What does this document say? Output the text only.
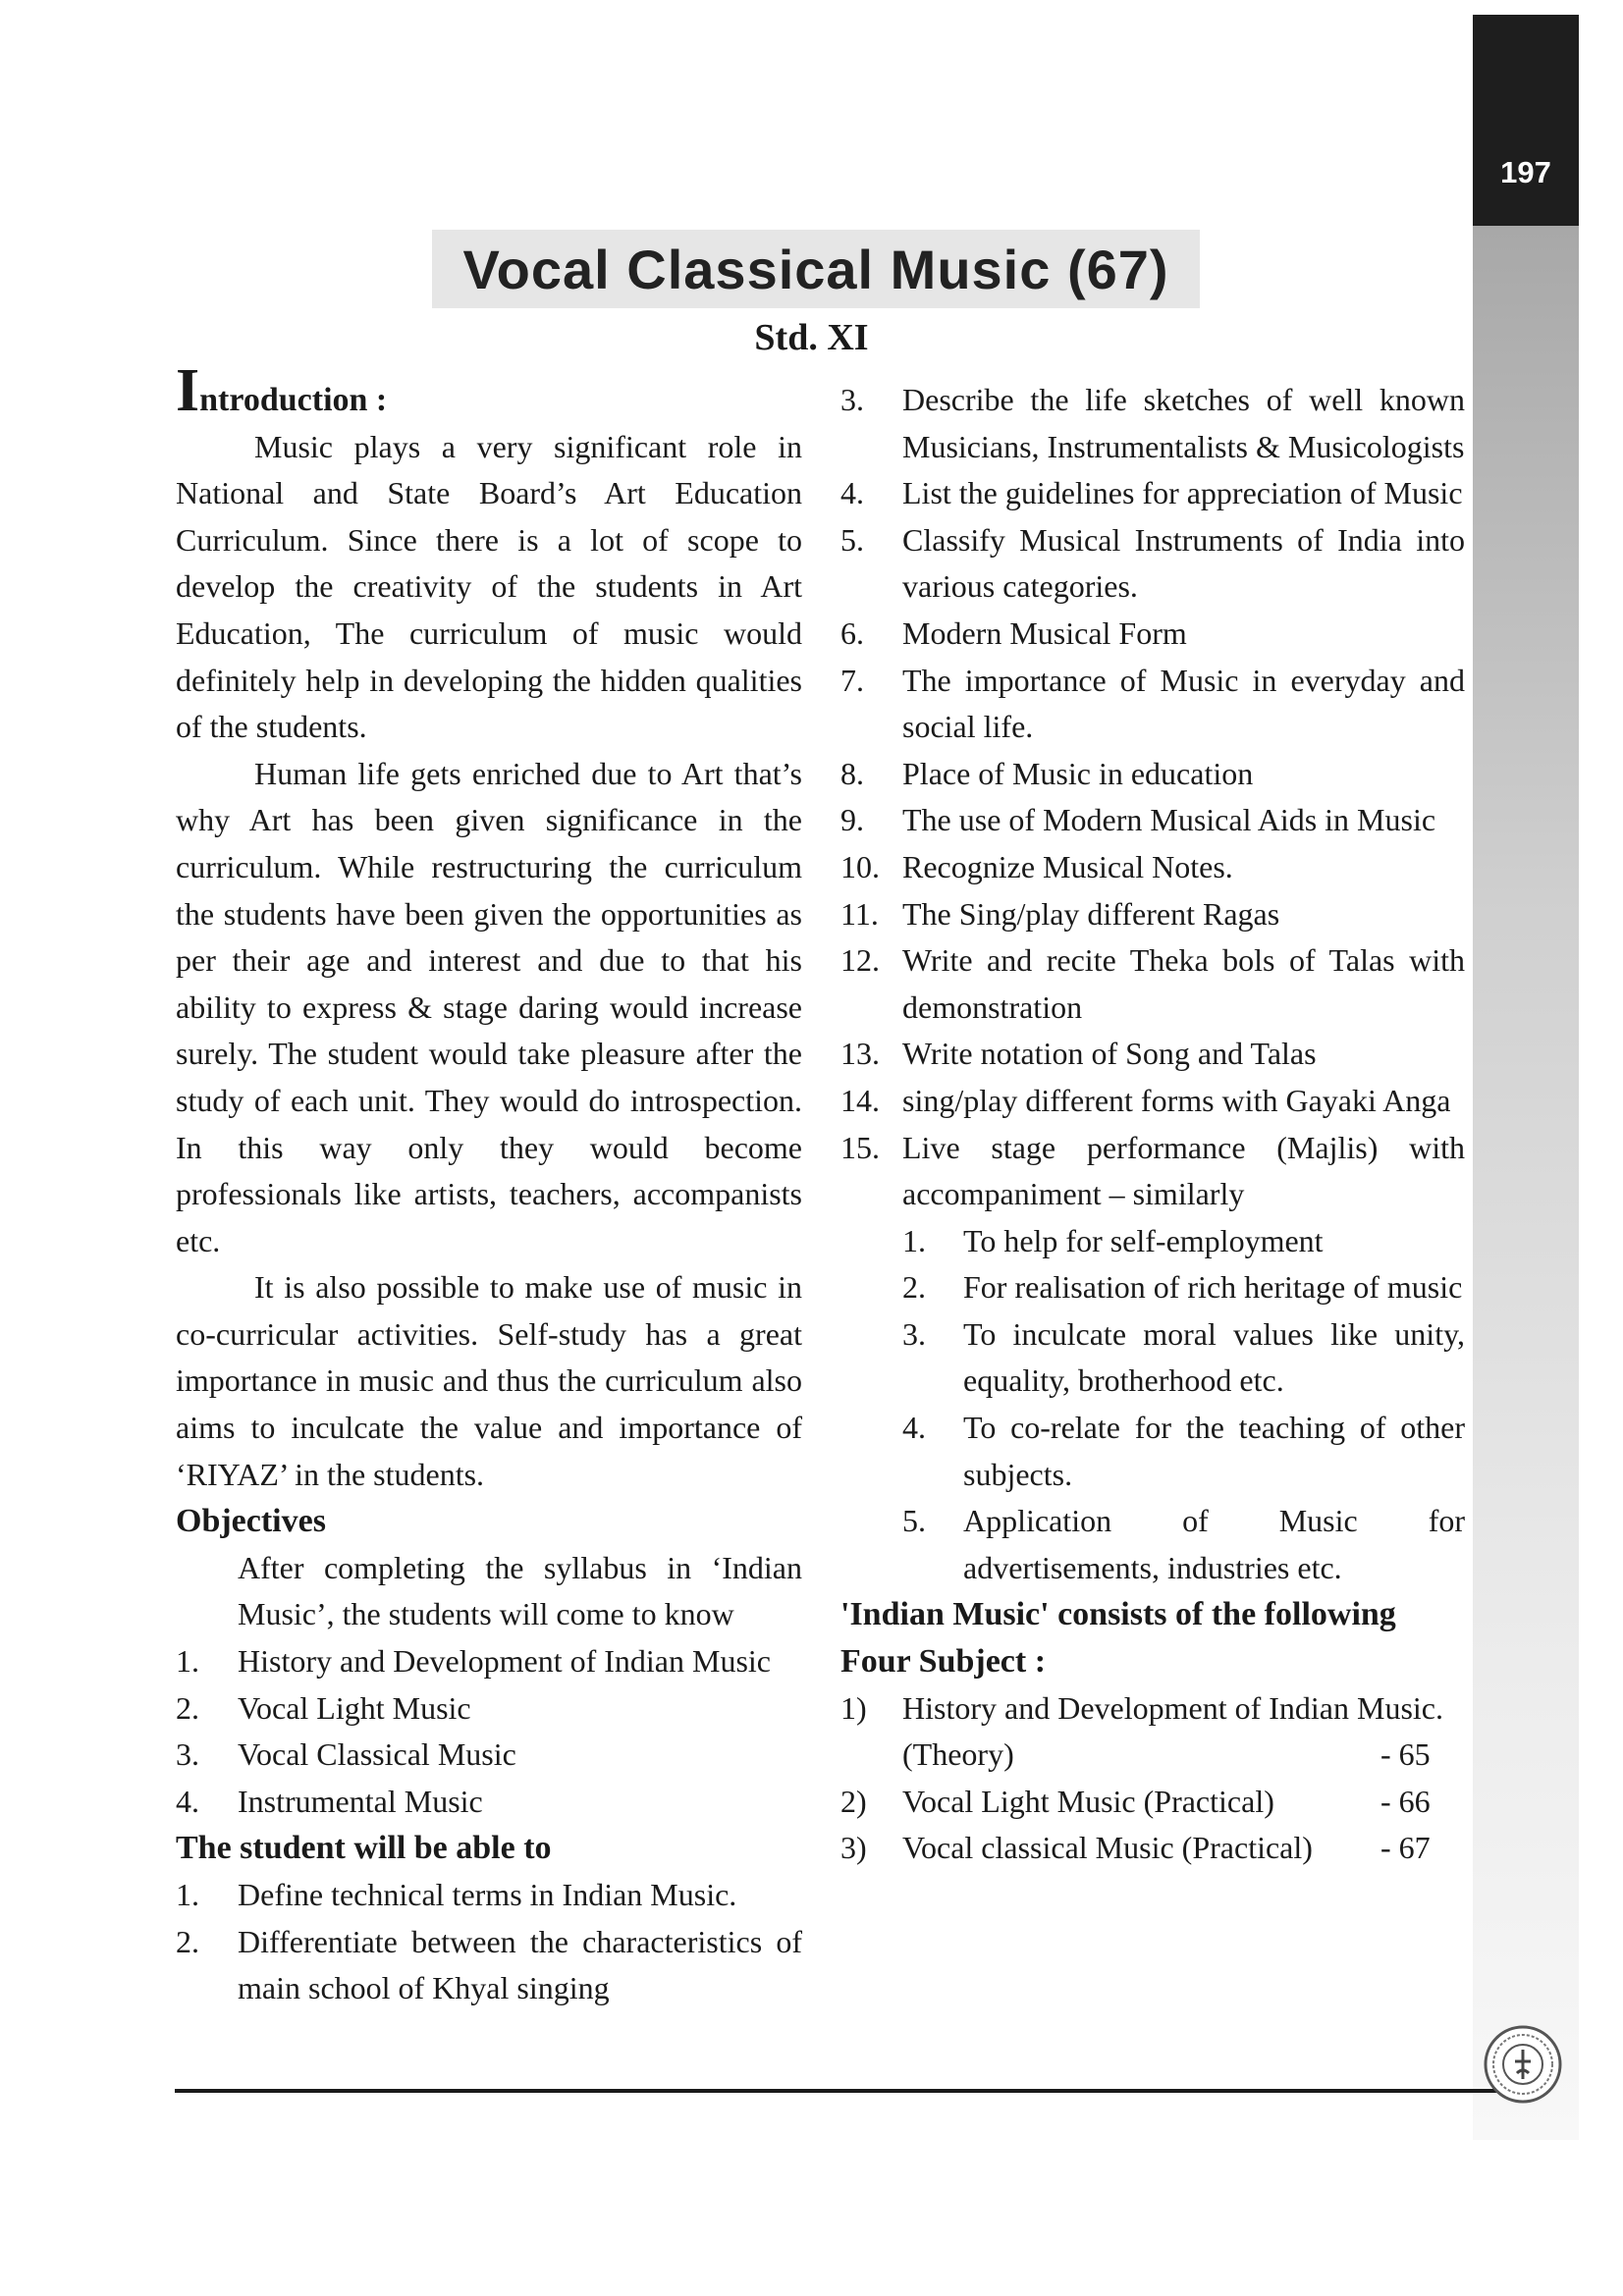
197
Vocal Classical Music (67)
Std. XI
Introduction :

Music plays a very significant role in National and State Board’s Art Education Curriculum. Since there is a lot of scope to develop the creativity of the students in Art Education, The curriculum of music would definitely help in developing the hidden qualities of the students.

Human life gets enriched due to Art that’s why Art has been given significance in the curriculum. While restructuring the curriculum the students have been given the opportunities as per their age and interest and due to that his ability to express & stage daring would increase surely. The student would take pleasure after the study of each unit. They would do introspection. In this way only they would become professionals like artists, teachers, accompanists etc.

It is also possible to make use of music in co-curricular activities. Self-study has a great importance in music and thus the curriculum also aims to inculcate the value and importance of ‘RIYAZ’ in the students.

Objectives
After completing the syllabus in ‘Indian Music’, the students will come to know
1.	History and Development of Indian Music
2.	Vocal Light Music
3.	Vocal Classical Music
4.	Instrumental Music
The student will be able to
1.	Define technical terms in Indian Music.
2.	Differentiate between the characteristics of main school of Khyal singing
3.	Describe the life sketches of well known Musicians, Instrumentalists & Musicologists
4.	List the guidelines for appreciation of Music
5.	Classify Musical Instruments of India into various categories.
6.	Modern Musical Form
7.	The importance of Music in everyday and social life.
8.	Place of Music in education
9.	The use of Modern Musical Aids in Music
10. Recognize Musical Notes.
11. The Sing/play different Ragas
12. Write and recite Theka bols of Talas with demonstration
13. Write notation of Song and Talas
14. sing/play different forms with Gayaki Anga
15. Live stage performance (Majlis) with accompaniment – similarly
1.	To help for self-employment
2.	For realisation of rich heritage of music
3.	To inculcate moral values like unity, equality, brotherhood etc.
4.	To co-relate for the teaching of other subjects.
5.	Application of Music for advertisements, industries etc.
'Indian Music' consists of the following Four Subject :
1)	History and Development of Indian Music.
(Theory)	- 65
2)	Vocal Light Music (Practical)	- 66
3)	Vocal classical Music (Practical) - 67
